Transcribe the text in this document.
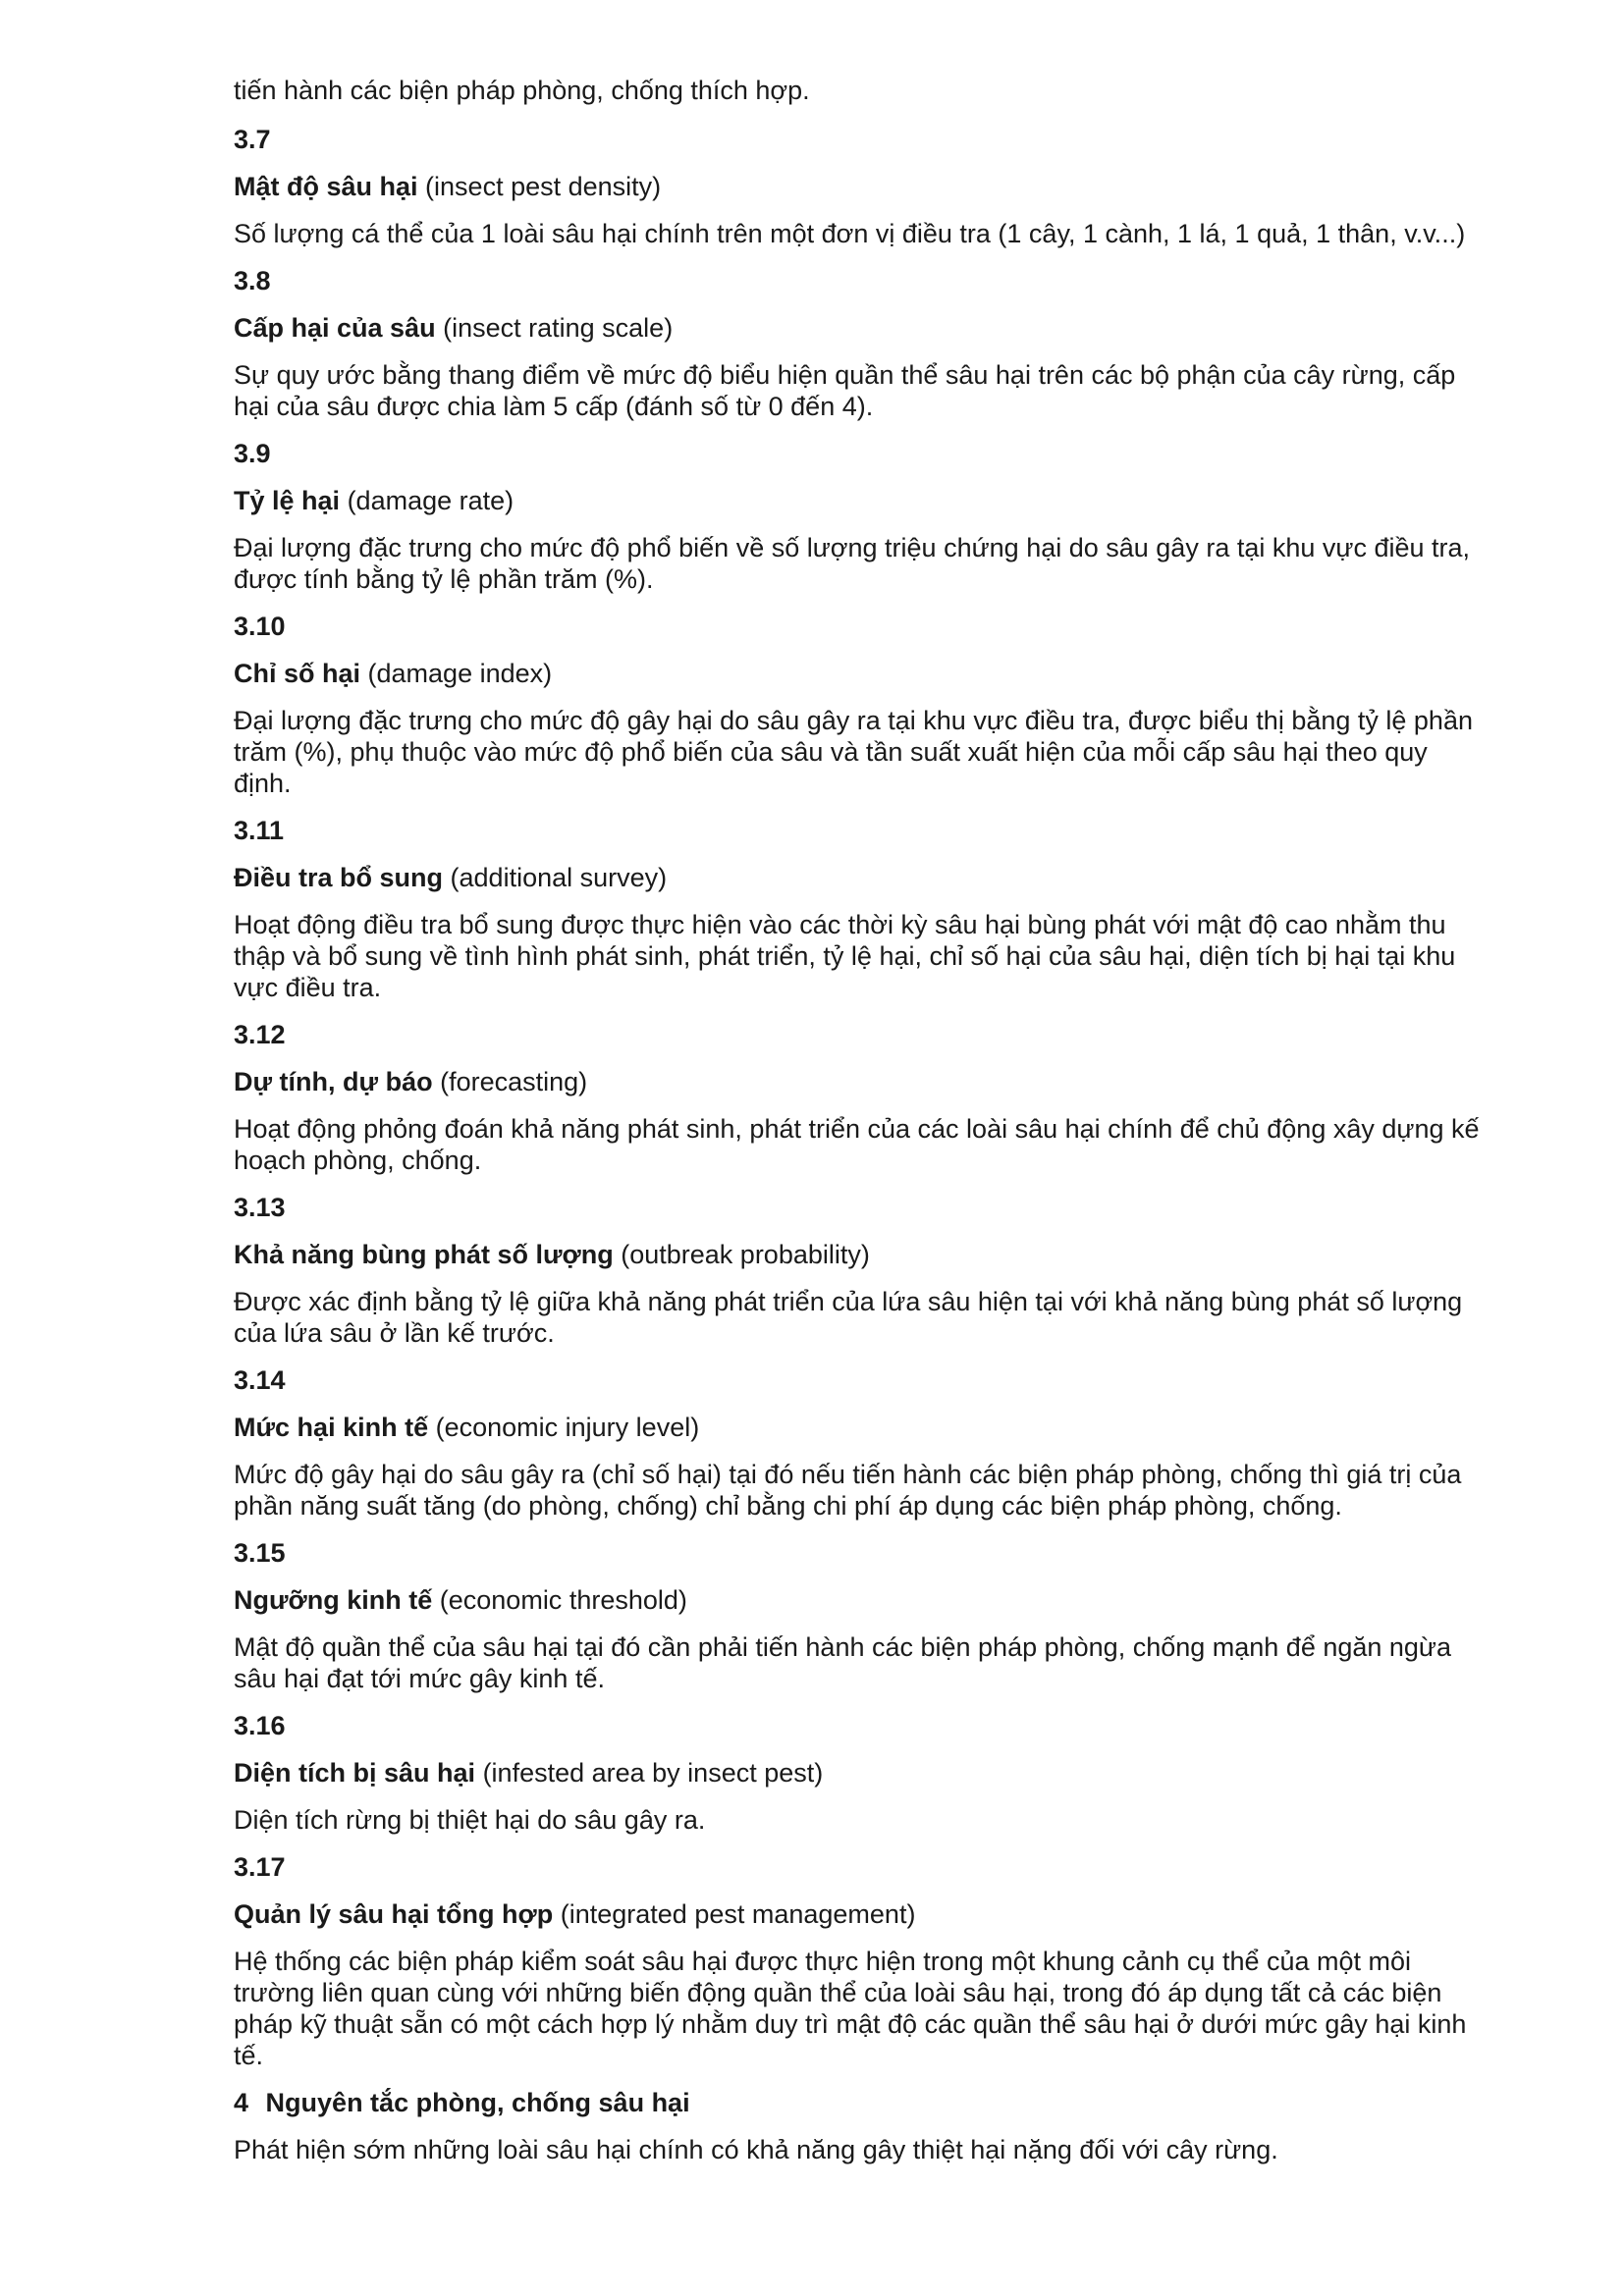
tiến hành các biện pháp phòng, chống thích hợp.

3.7
Mật độ sâu hại (insect pest density)

Số lượng cá thể của 1 loài sâu hại chính trên một đơn vị điều tra (1 cây, 1 cành, 1 lá, 1 quả, 1 thân, v.v...)

3.8
Cấp hại của sâu (insect rating scale)

Sự quy ước bằng thang điểm về mức độ biểu hiện quần thể sâu hại trên các bộ phận của cây rừng, cấp hại của sâu được chia làm 5 cấp (đánh số từ 0 đến 4).

3.9
Tỷ lệ hại (damage rate)

Đại lượng đặc trưng cho mức độ phổ biến về số lượng triệu chứng hại do sâu gây ra tại khu vực điều tra, được tính bằng tỷ lệ phần trăm (%).

3.10
Chỉ số hại (damage index)

Đại lượng đặc trưng cho mức độ gây hại do sâu gây ra tại khu vực điều tra, được biểu thị bằng tỷ lệ phần trăm (%), phụ thuộc vào mức độ phổ biến của sâu và tần suất xuất hiện của mỗi cấp sâu hại theo quy định.

3.11
Điều tra bổ sung (additional survey)

Hoạt động điều tra bổ sung được thực hiện vào các thời kỳ sâu hại bùng phát với mật độ cao nhằm thu thập và bổ sung về tình hình phát sinh, phát triển, tỷ lệ hại, chỉ số hại của sâu hại, diện tích bị hại tại khu vực điều tra.

3.12
Dự tính, dự báo (forecasting)

Hoạt động phỏng đoán khả năng phát sinh, phát triển của các loài sâu hại chính để chủ động xây dựng kế hoạch phòng, chống.

3.13
Khả năng bùng phát số lượng (outbreak probability)

Được xác định bằng tỷ lệ giữa khả năng phát triển của lứa sâu hiện tại với khả năng bùng phát số lượng của lứa sâu ở lần kế trước.

3.14
Mức hại kinh tế (economic injury level)

Mức độ gây hại do sâu gây ra (chỉ số hại) tại đó nếu tiến hành các biện pháp phòng, chống thì giá trị của phần năng suất tăng (do phòng, chống) chỉ bằng chi phí áp dụng các biện pháp phòng, chống.

3.15
Ngưỡng kinh tế (economic threshold)

Mật độ quần thể của sâu hại tại đó cần phải tiến hành các biện pháp phòng, chống mạnh để ngăn ngừa sâu hại đạt tới mức gây kinh tế.

3.16
Diện tích bị sâu hại (infested area by insect pest)

Diện tích rừng bị thiệt hại do sâu gây ra.

3.17
Quản lý sâu hại tổng hợp (integrated pest management)

Hệ thống các biện pháp kiểm soát sâu hại được thực hiện trong một khung cảnh cụ thể của một môi trường liên quan cùng với những biến động quần thể của loài sâu hại, trong đó áp dụng tất cả các biện pháp kỹ thuật sẵn có một cách hợp lý nhằm duy trì mật độ các quần thể sâu hại ở dưới mức gây hại kinh tế.

4 Nguyên tắc phòng, chống sâu hại

Phát hiện sớm những loài sâu hại chính có khả năng gây thiệt hại nặng đối với cây rừng.
